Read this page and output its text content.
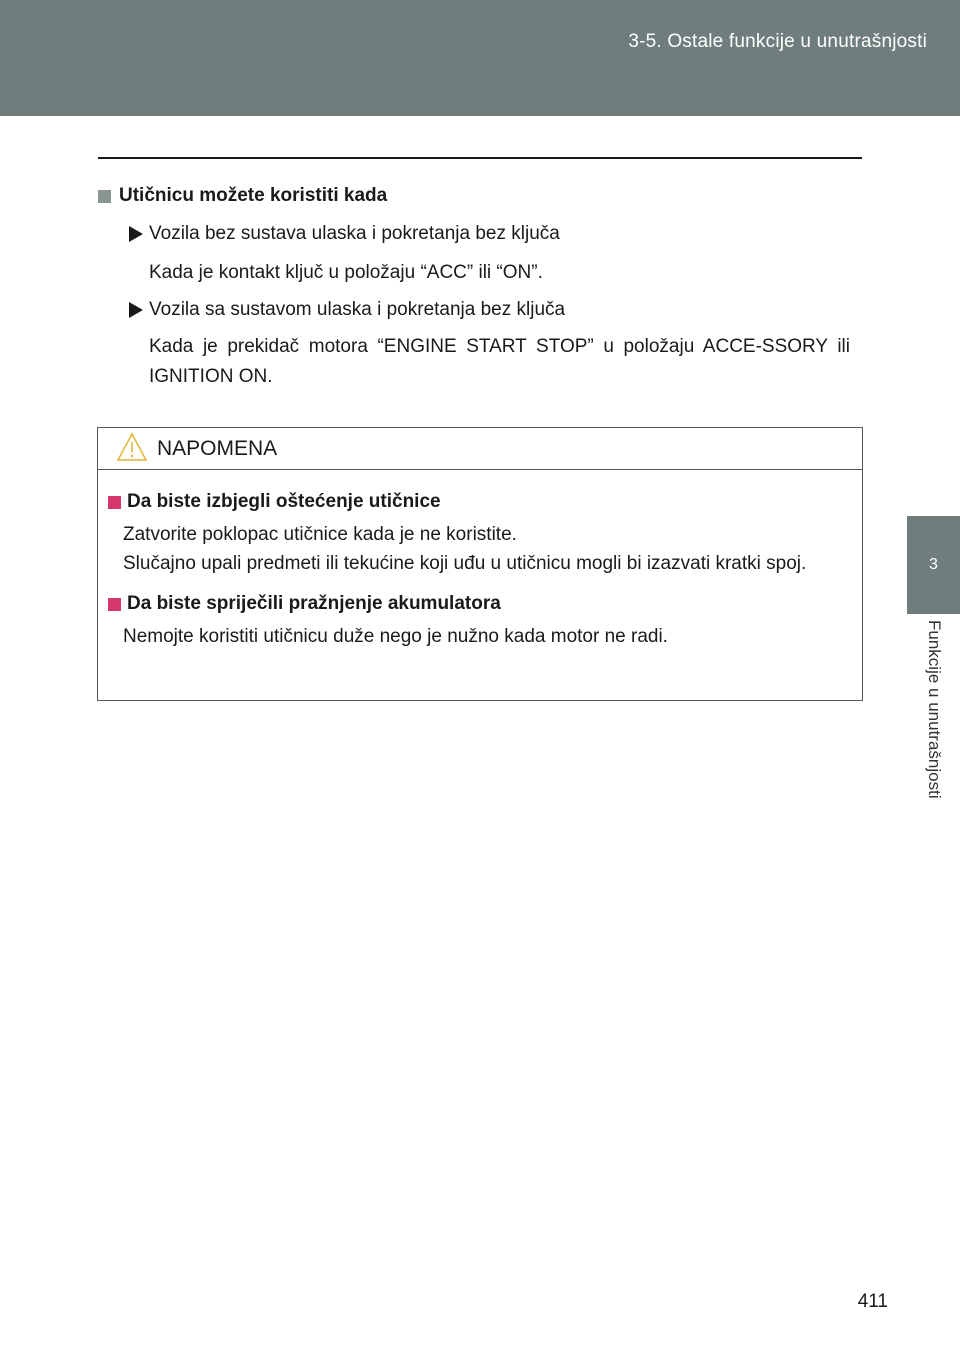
3-5. Ostale funkcije u unutrašnjosti
3
Funkcije u unutrašnjosti
Utičnicu možete koristiti kada
Vozila bez sustava ulaska i pokretanja bez ključa
Kada je kontakt ključ u položaju “ACC” ili “ON”.
Vozila sa sustavom ulaska i pokretanja bez ključa
Kada je prekidač motora “ENGINE START STOP” u položaju ACCE-SSORY ili IGNITION ON.
NAPOMENA
Da biste izbjegli oštećenje utičnice
Zatvorite poklopac utičnice kada je ne koristite.
Slučajno upali predmeti ili tekućine koji uđu u utičnicu mogli bi izazvati kratki spoj.
Da biste spriječili pražnjenje akumulatora
Nemojte koristiti utičnicu duže nego je nužno kada motor ne radi.
411
